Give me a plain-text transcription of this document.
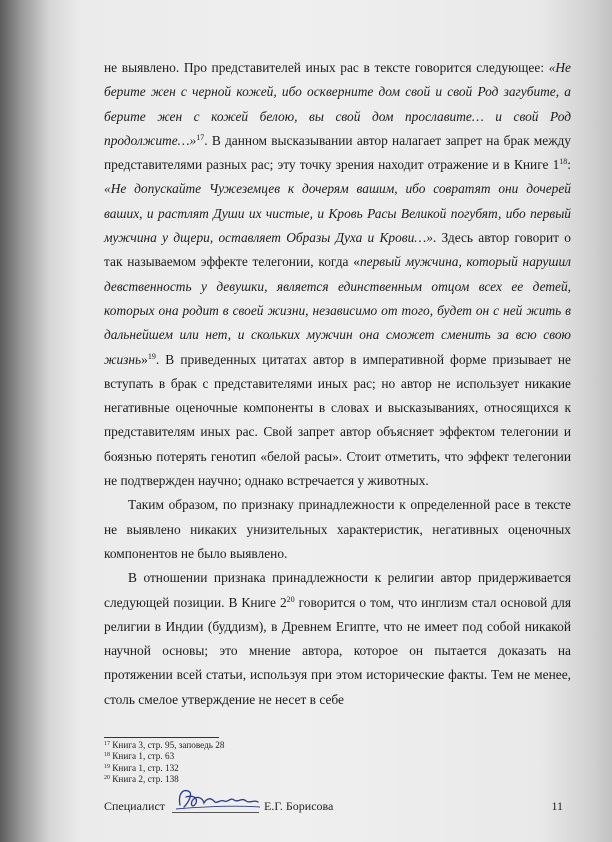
не выявлено. Про представителей иных рас в тексте говорится следующее: «Не берите жен с черной кожей, ибо оскверните дом свой и свой Род загубите, а берите жен с кожей белою, вы свой дом прославите… и свой Род продолжите…»$^{17}$. В данном высказывании автор налагает запрет на брак между представителями разных рас; эту точку зрения находит отражение и в Книге $1^{18}$: «Не допускайте Чужеземцев к дочерям вашим, ибо совратят они дочерей ваших, и растлят Души их чистые, и Кровь Расы Великой погубят, ибо первый мужчина у дщери, оставляет Образы Духа и Крови…». Здесь автор говорит о так называемом эффекте телегонии, когда «первый мужчина, который нарушил девственность у девушки, является единственным отцом всех ее детей, которых она родит в своей жизни, независимо от того, будет он с ней жить в дальнейшем или нет, и скольких мужчин она сможет сменить за всю свою жизнь»$^{19}$. В приведенных цитатах автор в императивной форме призывает не вступать в брак с представителями иных рас; но автор не использует никакие негативные оценочные компоненты в словах и высказываниях, относящихся к представителям иных рас. Свой запрет автор объясняет эффектом телегонии и боязнью потерять генотип «белой расы». Стоит отметить, что эффект телегонии не подтвержден научно; однако встречается у животных.

Таким образом, по признаку принадлежности к определенной расе в тексте не выявлено никаких унизительных характеристик, негативных оценочных компонентов не было выявлено.

В отношении признака принадлежности к религии автор придерживается следующей позиции. В Книге $2^{20}$ говорится о том, что инглизм стал основой для религии в Индии (буддизм), в Древнем Египте, что не имеет под собой никакой научной основы; это мнение автора, которое он пытается доказать на протяжении всей статьи, используя при этом исторические факты. Тем не менее, столь смелое утверждение не несет в себе

$^{17}$ Книга 3, стр. 95, заповедь 28
$^{18}$ Книга 1, стр. 63
$^{19}$ Книга 1, стр. 132
$^{20}$ Книга 2, стр. 138
Специалист	Е.Г. Борисова	11
